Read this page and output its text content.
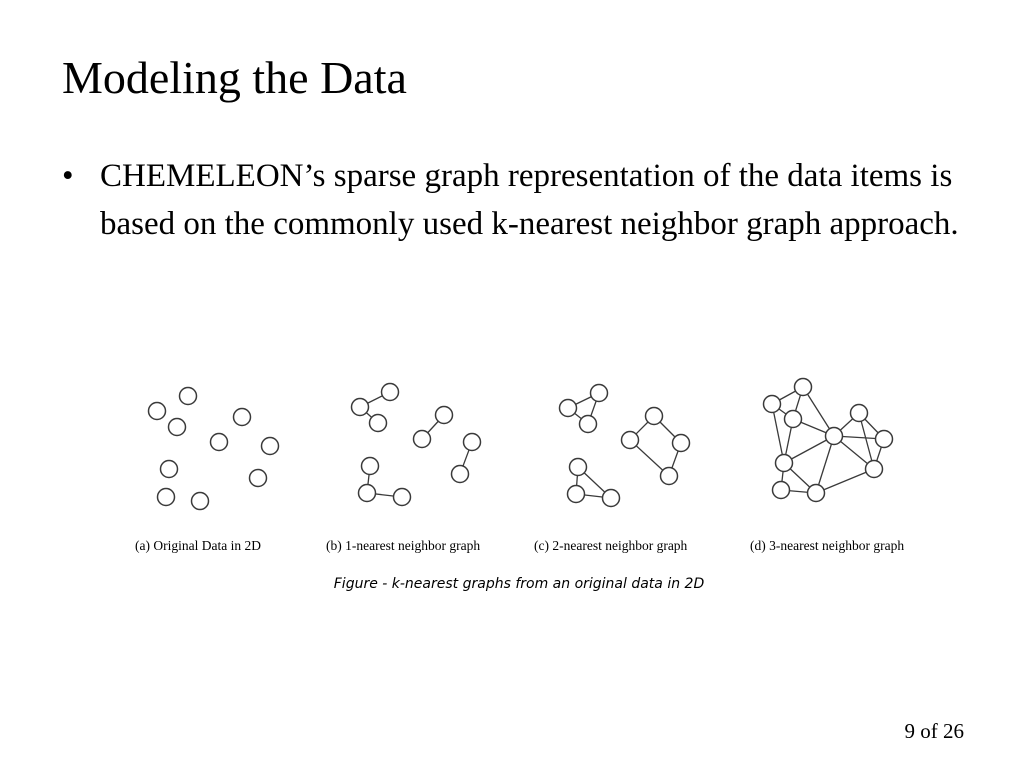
Modeling the Data
• CHEMELEON’s sparse graph representation of the data items is based on the commonly used k-nearest neighbor graph approach.
(a) Original Data in 2D	(b) 1-nearest neighbor graph	(c) 2-nearest neighbor graph	(d) 3-nearest neighbor graph
Figure - k-nearest graphs from an original data in 2D
9 of 26
